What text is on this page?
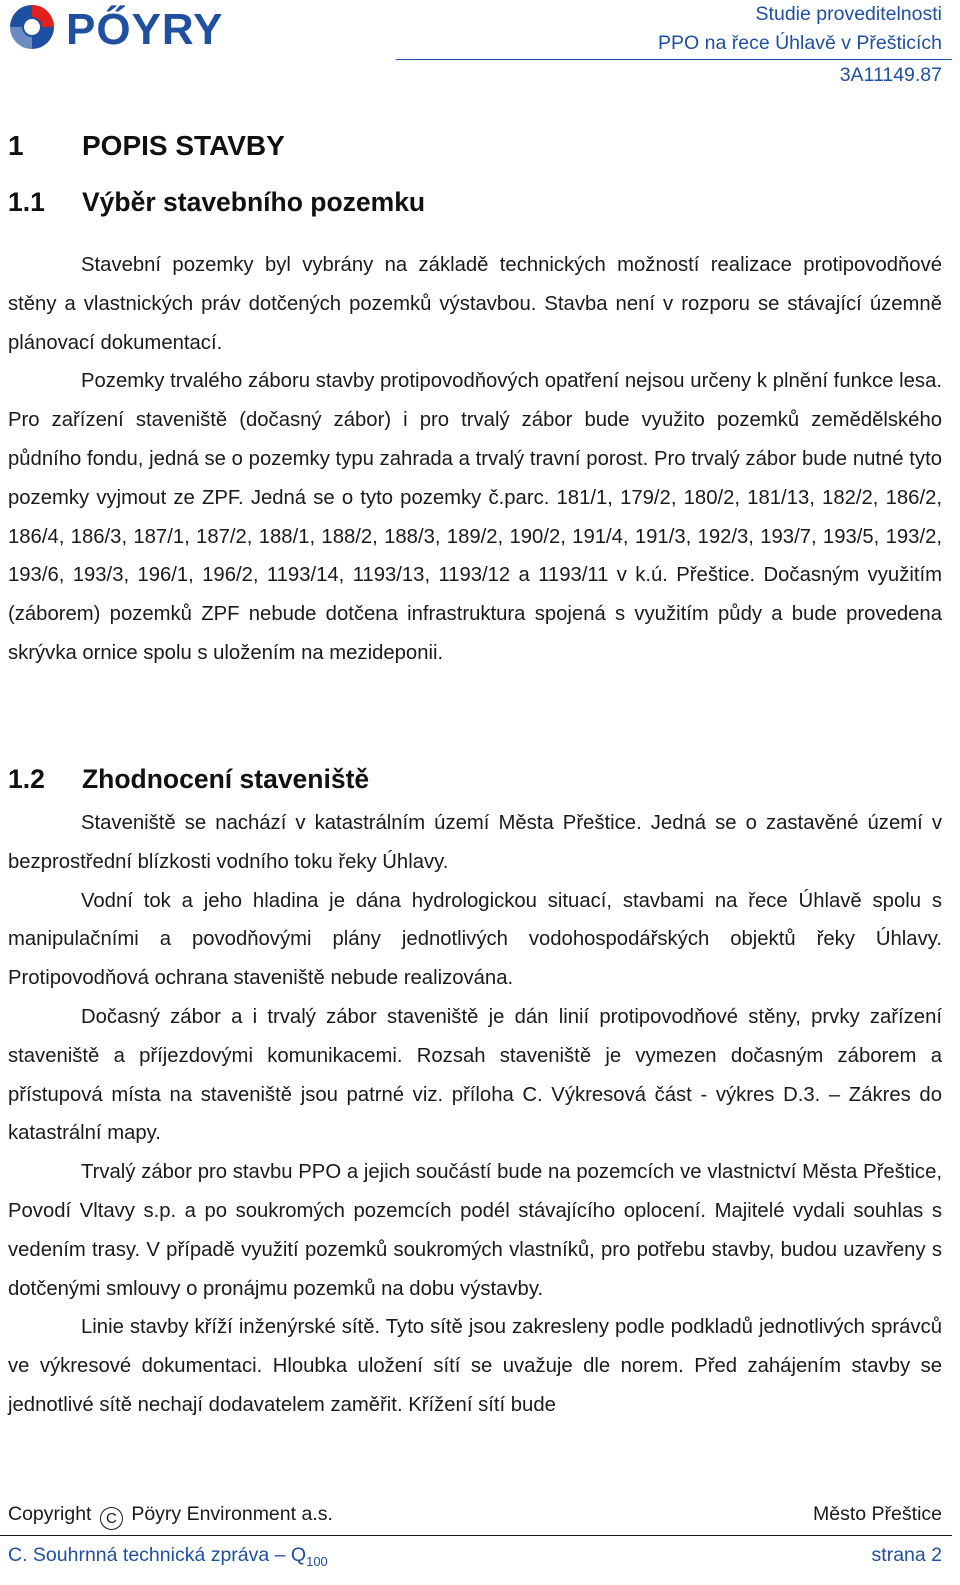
PŐYRY	Studie proveditelnosti
PPO na řece Úhlavě v Přešticích
3A11149.87
1 POPIS STAVBY
1.1 Výběr stavebního pozemku

Stavební pozemky byl vybrány na základě technických možností realizace protipovodňové stěny a vlastnických práv dotčených pozemků výstavbou. Stavba není v rozporu se stávající územně plánovací dokumentací.

Pozemky trvalého záboru stavby protipovodňových opatření nejsou určeny k plnění funkce lesa. Pro zařízení staveniště (dočasný zábor) i pro trvalý zábor bude využito pozemků zemědělského půdního fondu, jedná se o pozemky typu zahrada a trvalý travní porost. Pro trvalý zábor bude nutné tyto pozemky vyjmout ze ZPF. Jedná se o tyto pozemky č.parc. 181/1, 179/2, 180/2, 181/13, 182/2, 186/2, 186/4, 186/3, 187/1, 187/2, 188/1, 188/2, 188/3, 189/2, 190/2, 191/4, 191/3, 192/3, 193/7, 193/5, 193/2, 193/6, 193/3, 196/1, 196/2, 1193/14, 1193/13, 1193/12 a 1193/11 v k.ú. Přeštice. Dočasným využitím (záborem) pozemků ZPF nebude dotčena infrastruktura spojená s využitím půdy a bude provedena skrývka ornice spolu s uložením na mezideponii.

1.2 Zhodnocení staveniště

Staveniště se nachází v katastrálním území Města Přeštice. Jedná se o zastavěné území v bezprostřední blízkosti vodního toku řeky Úhlavy.

Vodní tok a jeho hladina je dána hydrologickou situací, stavbami na řece Úhlavě spolu s manipulačními a povodňovými plány jednotlivých vodohospodářských objektů řeky Úhlavy. Protipovodňová ochrana staveniště nebude realizována.

Dočasný zábor a i trvalý zábor staveniště je dán linií protipovodňové stěny, prvky zařízení staveniště a příjezdovými komunikacemi. Rozsah staveniště je vymezen dočasným záborem a přístupová místa na staveniště jsou patrné viz. příloha C. Výkresová část - výkres D.3. – Zákres do katastrální mapy.

Trvalý zábor pro stavbu PPO a jejich součástí bude na pozemcích ve vlastnictví Města Přeštice, Povodí Vltavy s.p. a po soukromých pozemcích podél stávajícího oplocení. Majitelé vydali souhlas s vedením trasy. V případě využití pozemků soukromých vlastníků, pro potřebu stavby, budou uzavřeny s dotčenými smlouvy o pronájmu pozemků na dobu výstavby.

Linie stavby kříží inženýrské sítě. Tyto sítě jsou zakresleny podle podkladů jednotlivých správců ve výkresové dokumentaci. Hloubka uložení sítí se uvažuje dle norem. Před zahájením stavby se jednotlivé sítě nechají dodavatelem zaměřit. Křížení sítí bude

Copyright C Pöyry Environment a.s.	Město Přeštice
C. Souhrnná technická zpráva – $Q_{100}$	strana 2
